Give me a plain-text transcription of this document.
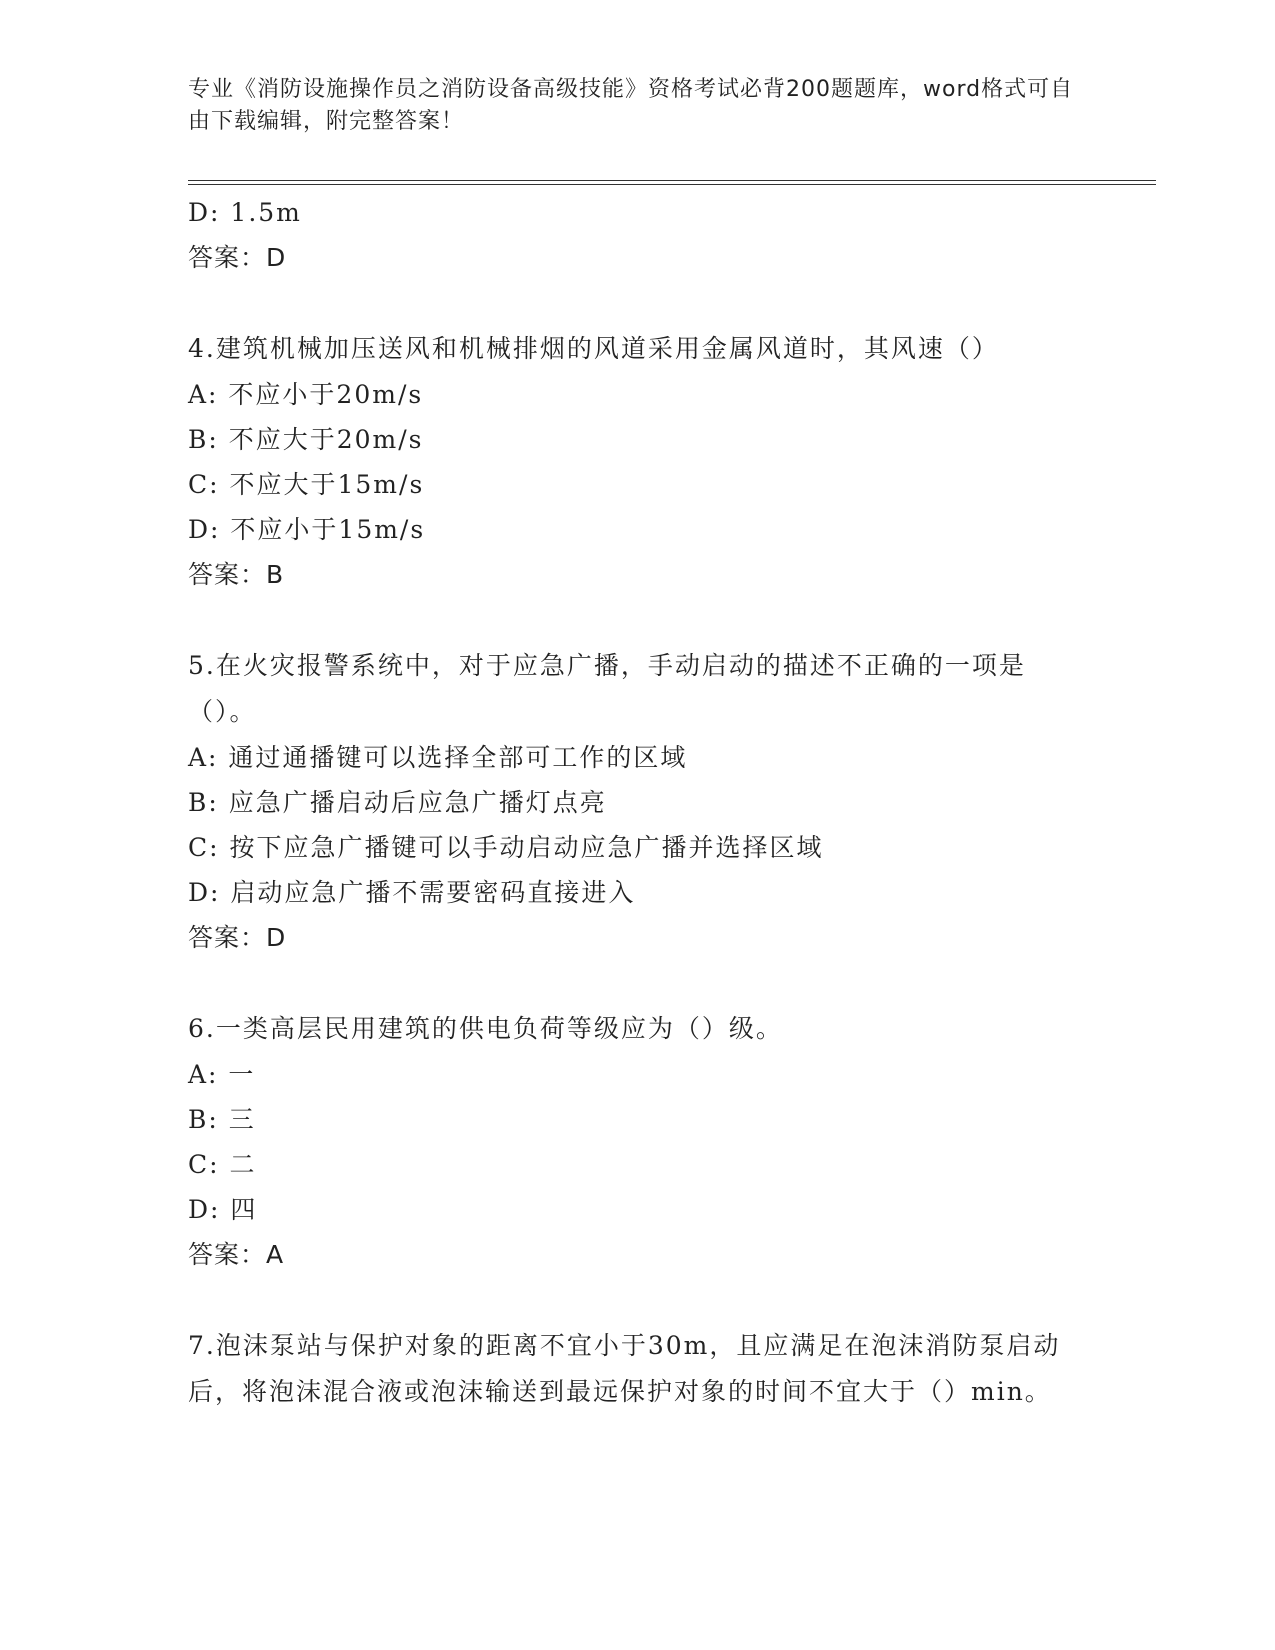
专业《消防设施操作员之消防设备高级技能》资格考试必背200题题库，word格式可自由下载编辑，附完整答案！
D: 1.5m
答案：D
4.建筑机械加压送风和机械排烟的风道采用金属风道时，其风速（）
A: 不应小于20m/s
B: 不应大于20m/s
C: 不应大于15m/s
D: 不应小于15m/s
答案：B
5.在火灾报警系统中，对于应急广播，手动启动的描述不正确的一项是（）。
A: 通过通播键可以选择全部可工作的区域
B: 应急广播启动后应急广播灯点亮
C: 按下应急广播键可以手动启动应急广播并选择区域
D: 启动应急广播不需要密码直接进入
答案：D
6.一类高层民用建筑的供电负荷等级应为（）级。
A: 一
B: 三
C: 二
D: 四
答案：A
7.泡沫泵站与保护对象的距离不宜小于30m，且应满足在泡沫消防泵启动后，将泡沫混合液或泡沫输送到最远保护对象的时间不宜大于（）min。
